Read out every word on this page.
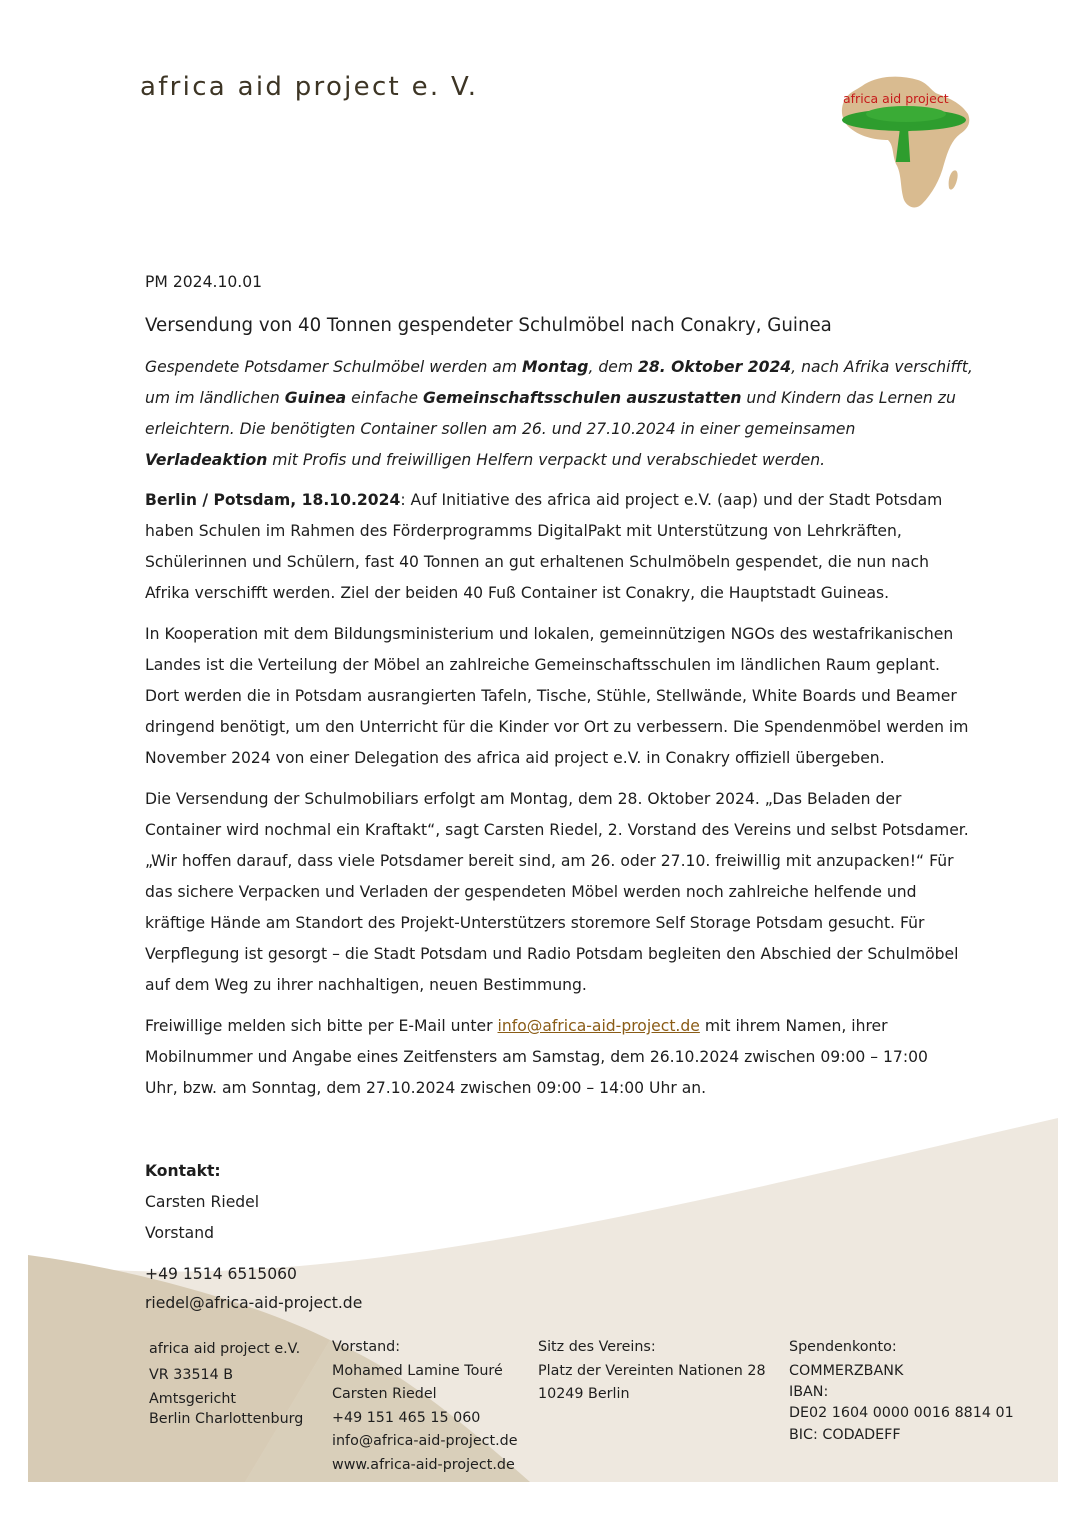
africa aid project e. V.	africa aid project

PM 2024.10.01

Versendung von 40 Tonnen gespendeter Schulmöbel nach Conakry, Guinea

Gespendete Potsdamer Schulmöbel werden am Montag, dem 28. Oktober 2024, nach Afrika verschifft,
um im ländlichen Guinea einfache Gemeinschaftsschulen auszustatten und Kindern das Lernen zu
erleichtern. Die benötigten Container sollen am 26. und 27.10.2024 in einer gemeinsamen
Verladeaktion mit Profis und freiwilligen Helfern verpackt und verabschiedet werden.

Berlin / Potsdam, 18.10.2024: Auf Initiative des africa aid project e.V. (aap) und der Stadt Potsdam
haben Schulen im Rahmen des Förderprogramms DigitalPakt mit Unterstützung von Lehrkräften,
Schülerinnen und Schülern, fast 40 Tonnen an gut erhaltenen Schulmöbeln gespendet, die nun nach
Afrika verschifft werden. Ziel der beiden 40 Fuß Container ist Conakry, die Hauptstadt Guineas.

In Kooperation mit dem Bildungsministerium und lokalen, gemeinnützigen NGOs des westafrikanischen
Landes ist die Verteilung der Möbel an zahlreiche Gemeinschaftsschulen im ländlichen Raum geplant.
Dort werden die in Potsdam ausrangierten Tafeln, Tische, Stühle, Stellwände, White Boards und Beamer
dringend benötigt, um den Unterricht für die Kinder vor Ort zu verbessern. Die Spendenmöbel werden im
November 2024 von einer Delegation des africa aid project e.V. in Conakry offiziell übergeben.

Die Versendung der Schulmobiliars erfolgt am Montag, dem 28. Oktober 2024. „Das Beladen der
Container wird nochmal ein Kraftakt“, sagt Carsten Riedel, 2. Vorstand des Vereins und selbst Potsdamer.
„Wir hoffen darauf, dass viele Potsdamer bereit sind, am 26. oder 27.10. freiwillig mit anzupacken!“ Für
das sichere Verpacken und Verladen der gespendeten Möbel werden noch zahlreiche helfende und
kräftige Hände am Standort des Projekt-Unterstützers storemore Self Storage Potsdam gesucht. Für
Verpflegung ist gesorgt – die Stadt Potsdam und Radio Potsdam begleiten den Abschied der Schulmöbel
auf dem Weg zu ihrer nachhaltigen, neuen Bestimmung.

Freiwillige melden sich bitte per E-Mail unter info@africa-aid-project.de mit ihrem Namen, ihrer
Mobilnummer und Angabe eines Zeitfensters am Samstag, dem 26.10.2024 zwischen 09:00 – 17:00
Uhr, bzw. am Sonntag, dem 27.10.2024 zwischen 09:00 – 14:00 Uhr an.

Kontakt:
Carsten Riedel
Vorstand
+49 1514 6515060
riedel@africa-aid-project.de
africa aid project e.V.
VR 33514 B
Amtsgericht
Berlin Charlottenburg
Vorstand:
Mohamed Lamine Touré
Carsten Riedel
+49 151 465 15 060
info@africa-aid-project.de
www.africa-aid-project.de
Sitz des Vereins:
Platz der Vereinten Nationen 28
10249 Berlin
Spendenkonto:
COMMERZBANK
IBAN:
DE02 1604 0000 0016 8814 01
BIC: CODADEFF
